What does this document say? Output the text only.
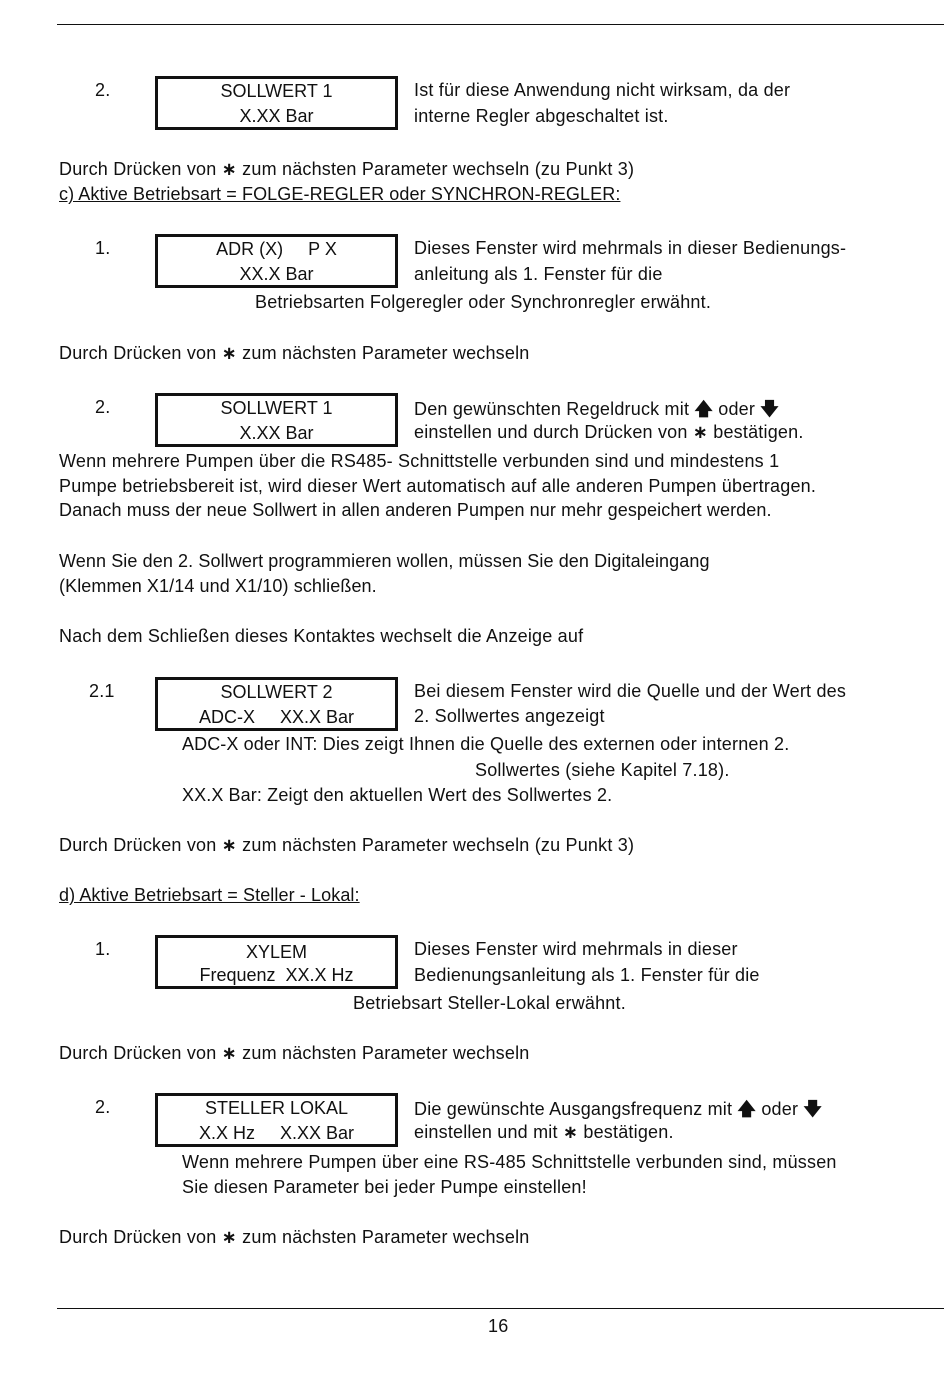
2.	SOLLWERT 1
X.XX Bar
Ist für diese Anwendung nicht wirksam, da der
interne Regler abgeschaltet ist.
Durch Drücken von ∗ zum nächsten Parameter wechseln (zu Punkt 3)
c) Aktive Betriebsart = FOLGE-REGLER oder SYNCHRON-REGLER:
1.	ADR (X)     P X
XX.X Bar
Dieses Fenster wird mehrmals in dieser Bedienungs-
anleitung als 1. Fenster für die
Betriebsarten Folgeregler oder Synchronregler erwähnt.
Durch Drücken von ∗ zum nächsten Parameter wechseln
2.	SOLLWERT 1
X.XX Bar
Den gewünschten Regeldruck mit 🡅 oder 🡇
einstellen und durch Drücken von ∗ bestätigen.
Wenn mehrere Pumpen über die RS485- Schnittstelle verbunden sind und mindestens 1
Pumpe betriebsbereit ist, wird dieser Wert automatisch auf alle anderen Pumpen übertragen.
Danach muss der neue Sollwert in allen anderen Pumpen nur mehr gespeichert werden.
Wenn Sie den 2. Sollwert programmieren wollen, müssen Sie den Digitaleingang
(Klemmen X1/14 und X1/10) schließen.
Nach dem Schließen dieses Kontaktes wechselt die Anzeige auf
2.1	SOLLWERT 2
ADC-X     XX.X Bar
Bei diesem Fenster wird die Quelle und der Wert des
2. Sollwertes angezeigt
ADC-X oder INT: Dies zeigt Ihnen die Quelle des externen oder internen 2.
Sollwertes (siehe Kapitel 7.18).
XX.X Bar: Zeigt den aktuellen Wert des Sollwertes 2.
Durch Drücken von ∗ zum nächsten Parameter wechseln (zu Punkt 3)
d) Aktive Betriebsart = Steller - Lokal:
1.	XYLEM
Frequenz  XX.X Hz
Dieses Fenster wird mehrmals in dieser
Bedienungsanleitung als 1. Fenster für die
Betriebsart Steller-Lokal erwähnt.
Durch Drücken von ∗ zum nächsten Parameter wechseln
2.	STELLER LOKAL
X.X Hz     X.XX Bar
Die gewünschte Ausgangsfrequenz mit 🡅 oder 🡇
einstellen und mit ∗ bestätigen.
Wenn mehrere Pumpen über eine RS-485 Schnittstelle verbunden sind, müssen
Sie diesen Parameter bei jeder Pumpe einstellen!
Durch Drücken von ∗ zum nächsten Parameter wechseln
16
